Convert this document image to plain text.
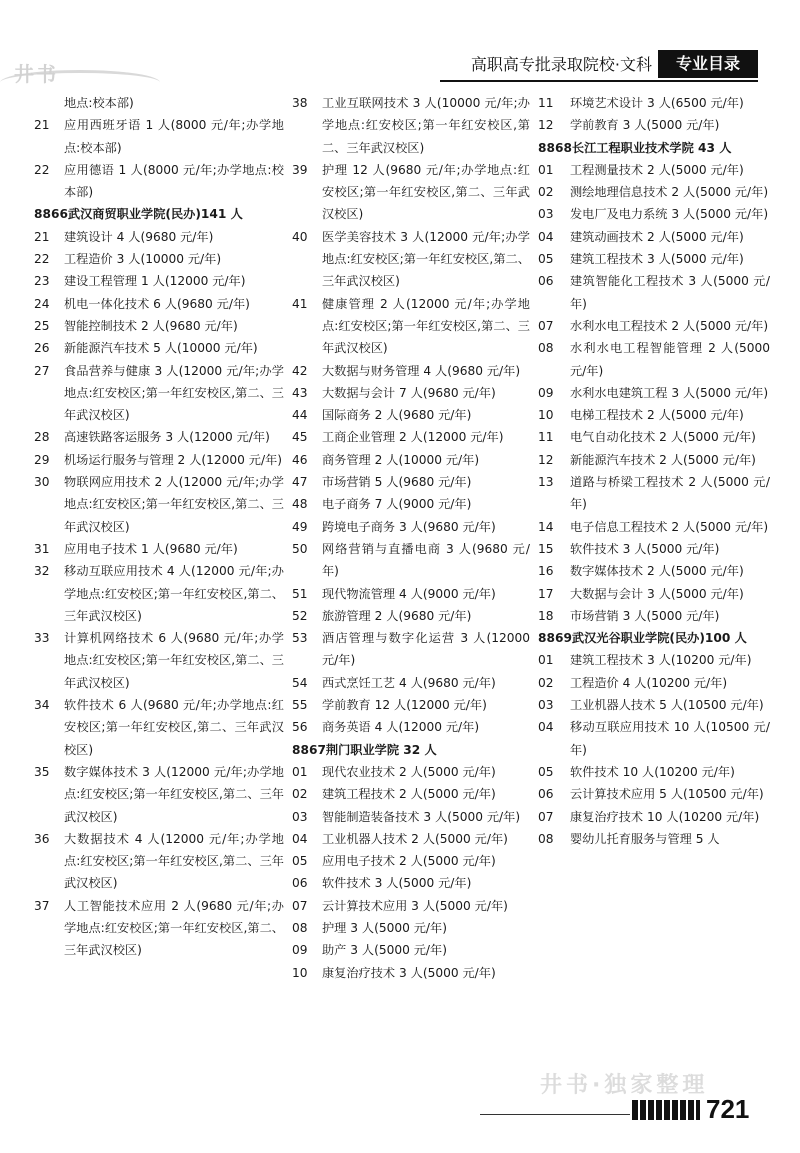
井书	高职高专批录取院校·文科	专业目录
地点:校本部)
21	应用西班牙语 1 人(8000 元/年;办学地点:校本部)
22	应用德语 1 人(8000 元/年;办学地点:校本部)
8866 武汉商贸职业学院(民办)141 人
21	建筑设计 4 人(9680 元/年)
22	工程造价 3 人(10000 元/年)
23	建设工程管理 1 人(12000 元/年)
24	机电一体化技术 6 人(9680 元/年)
25	智能控制技术 2 人(9680 元/年)
26	新能源汽车技术 5 人(10000 元/年)
27	食品营养与健康 3 人(12000 元/年;办学地点:红安校区;第一年红安校区,第二、三年武汉校区)
28	高速铁路客运服务 3 人(12000 元/年)
29	机场运行服务与管理 2 人(12000 元/年)
30	物联网应用技术 2 人(12000 元/年;办学地点:红安校区;第一年红安校区,第二、三年武汉校区)
31	应用电子技术 1 人(9680 元/年)
32	移动互联应用技术 4 人(12000 元/年;办学地点:红安校区;第一年红安校区,第二、三年武汉校区)
33	计算机网络技术 6 人(9680 元/年;办学地点:红安校区;第一年红安校区,第二、三年武汉校区)
34	软件技术 6 人(9680 元/年;办学地点:红安校区;第一年红安校区,第二、三年武汉校区)
35	数字媒体技术 3 人(12000 元/年;办学地点:红安校区;第一年红安校区,第二、三年武汉校区)
36	大数据技术 4 人(12000 元/年;办学地点:红安校区;第一年红安校区,第二、三年武汉校区)
37	人工智能技术应用 2 人(9680 元/年;办学地点:红安校区;第一年红安校区,第二、三年武汉校区)
38	工业互联网技术 3 人(10000 元/年;办学地点:红安校区;第一年红安校区,第二、三年武汉校区)
39	护理 12 人(9680 元/年;办学地点:红安校区;第一年红安校区,第二、三年武汉校区)
40	医学美容技术 3 人(12000 元/年;办学地点:红安校区;第一年红安校区,第二、三年武汉校区)
41	健康管理 2 人(12000 元/年;办学地点:红安校区;第一年红安校区,第二、三年武汉校区)
42	大数据与财务管理 4 人(9680 元/年)
43	大数据与会计 7 人(9680 元/年)
44	国际商务 2 人(9680 元/年)
45	工商企业管理 2 人(12000 元/年)
46	商务管理 2 人(10000 元/年)
47	市场营销 5 人(9680 元/年)
48	电子商务 7 人(9000 元/年)
49	跨境电子商务 3 人(9680 元/年)
50	网络营销与直播电商 3 人(9680 元/年)
51	现代物流管理 4 人(9000 元/年)
52	旅游管理 2 人(9680 元/年)
53	酒店管理与数字化运营 3 人(12000 元/年)
54	西式烹饪工艺 4 人(9680 元/年)
55	学前教育 12 人(12000 元/年)
56	商务英语 4 人(12000 元/年)
8867 荆门职业学院 32 人
01	现代农业技术 2 人(5000 元/年)
02	建筑工程技术 2 人(5000 元/年)
03	智能制造装备技术 3 人(5000 元/年)
04	工业机器人技术 2 人(5000 元/年)
05	应用电子技术 2 人(5000 元/年)
06	软件技术 3 人(5000 元/年)
07	云计算技术应用 3 人(5000 元/年)
08	护理 3 人(5000 元/年)
09	助产 3 人(5000 元/年)
10	康复治疗技术 3 人(5000 元/年)
11	环境艺术设计 3 人(6500 元/年)
12	学前教育 3 人(5000 元/年)
8868 长江工程职业技术学院 43 人
01	工程测量技术 2 人(5000 元/年)
02	测绘地理信息技术 2 人(5000 元/年)
03	发电厂及电力系统 3 人(5000 元/年)
04	建筑动画技术 2 人(5000 元/年)
05	建筑工程技术 3 人(5000 元/年)
06	建筑智能化工程技术 3 人(5000 元/年)
07	水利水电工程技术 2 人(5000 元/年)
08	水利水电工程智能管理 2 人(5000 元/年)
09	水利水电建筑工程 3 人(5000 元/年)
10	电梯工程技术 2 人(5000 元/年)
11	电气自动化技术 2 人(5000 元/年)
12	新能源汽车技术 2 人(5000 元/年)
13	道路与桥梁工程技术 2 人(5000 元/年)
14	电子信息工程技术 2 人(5000 元/年)
15	软件技术 3 人(5000 元/年)
16	数字媒体技术 2 人(5000 元/年)
17	大数据与会计 3 人(5000 元/年)
18	市场营销 3 人(5000 元/年)
8869 武汉光谷职业学院(民办)100 人
01	建筑工程技术 3 人(10200 元/年)
02	工程造价 4 人(10200 元/年)
03	工业机器人技术 5 人(10500 元/年)
04	移动互联应用技术 10 人(10500 元/年)
05	软件技术 10 人(10200 元/年)
06	云计算技术应用 5 人(10500 元/年)
07	康复治疗技术 10 人(10200 元/年)
08	婴幼儿托育服务与管理 5 人
井书·独家整理
721
